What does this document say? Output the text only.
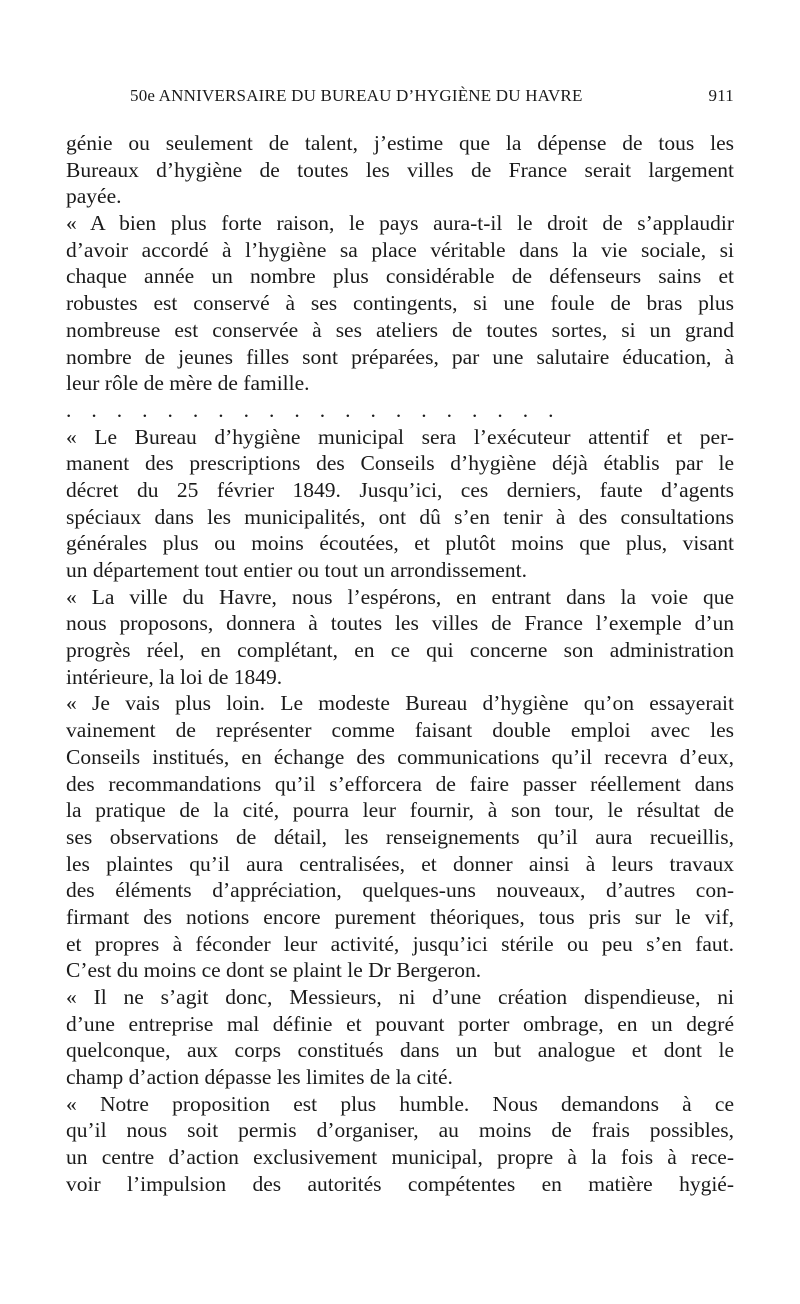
50e ANNIVERSAIRE DU BUREAU D’HYGIÈNE DU HAVRE	911
génie ou seulement de talent, j’estime que la dépense de tous les
Bureaux d’hygiène de toutes les villes de France serait largement
payée.
« A bien plus forte raison, le pays aura-t-il le droit de s’applaudir
d’avoir accordé à l’hygiène sa place véritable dans la vie sociale, si
chaque année un nombre plus considérable de défenseurs sains et
robustes est conservé à ses contingents, si une foule de bras plus
nombreuse est conservée à ses ateliers de toutes sortes, si un grand
nombre de jeunes filles sont préparées, par une salutaire éducation, à
leur rôle de mère de famille.
....................
« Le Bureau d’hygiène municipal sera l’exécuteur attentif et per-
manent des prescriptions des Conseils d’hygiène déjà établis par le
décret du 25 février 1849. Jusqu’ici, ces derniers, faute d’agents
spéciaux dans les municipalités, ont dû s’en tenir à des consultations
générales plus ou moins écoutées, et plutôt moins que plus, visant
un département tout entier ou tout un arrondissement.
« La ville du Havre, nous l’espérons, en entrant dans la voie que
nous proposons, donnera à toutes les villes de France l’exemple d’un
progrès réel, en complétant, en ce qui concerne son administration
intérieure, la loi de 1849.
« Je vais plus loin. Le modeste Bureau d’hygiène qu’on essayerait
vainement de représenter comme faisant double emploi avec les
Conseils institués, en échange des communications qu’il recevra d’eux,
des recommandations qu’il s’efforcera de faire passer réellement dans
la pratique de la cité, pourra leur fournir, à son tour, le résultat de
ses observations de détail, les renseignements qu’il aura recueillis,
les plaintes qu’il aura centralisées, et donner ainsi à leurs travaux
des éléments d’appréciation, quelques-uns nouveaux, d’autres con-
firmant des notions encore purement théoriques, tous pris sur le vif,
et propres à féconder leur activité, jusqu’ici stérile ou peu s’en faut.
C’est du moins ce dont se plaint le Dr Bergeron.
« Il ne s’agit donc, Messieurs, ni d’une création dispendieuse, ni
d’une entreprise mal définie et pouvant porter ombrage, en un degré
quelconque, aux corps constitués dans un but analogue et dont le
champ d’action dépasse les limites de la cité.
« Notre proposition est plus humble. Nous demandons à ce
qu’il nous soit permis d’organiser, au moins de frais possibles,
un centre d’action exclusivement municipal, propre à la fois à rece-
voir l’impulsion des autorités compétentes en matière hygié-
